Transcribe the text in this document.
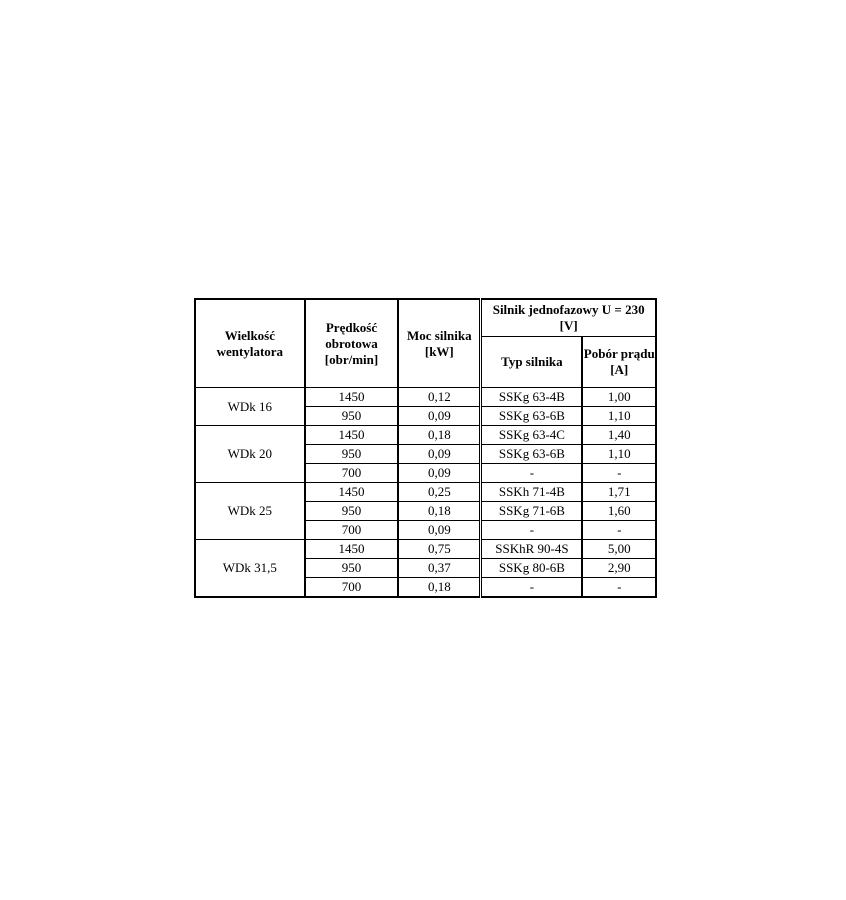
Wielkość wentylatora	Prędkość obrotowa [obr/min]	Moc silnika [kW]	Silnik jednofazowy U = 230 [V]	
			Typ silnika	Pobór prądu [A]
WDk 16	1450	0,12	SSKg 63-4B	1,00
	950	0,09	SSKg 63-6B	1,10
WDk 20	1450	0,18	SSKg 63-4C	1,40
	950	0,09	SSKg 63-6B	1,10
	700	0,09	-	-
WDk 25	1450	0,25	SSKh 71-4B	1,71
	950	0,18	SSKg 71-6B	1,60
	700	0,09	-	-
WDk 31,5	1450	0,75	SSKhR 90-4S	5,00
	950	0,37	SSKg 80-6B	2,90
	700	0,18	-	-
